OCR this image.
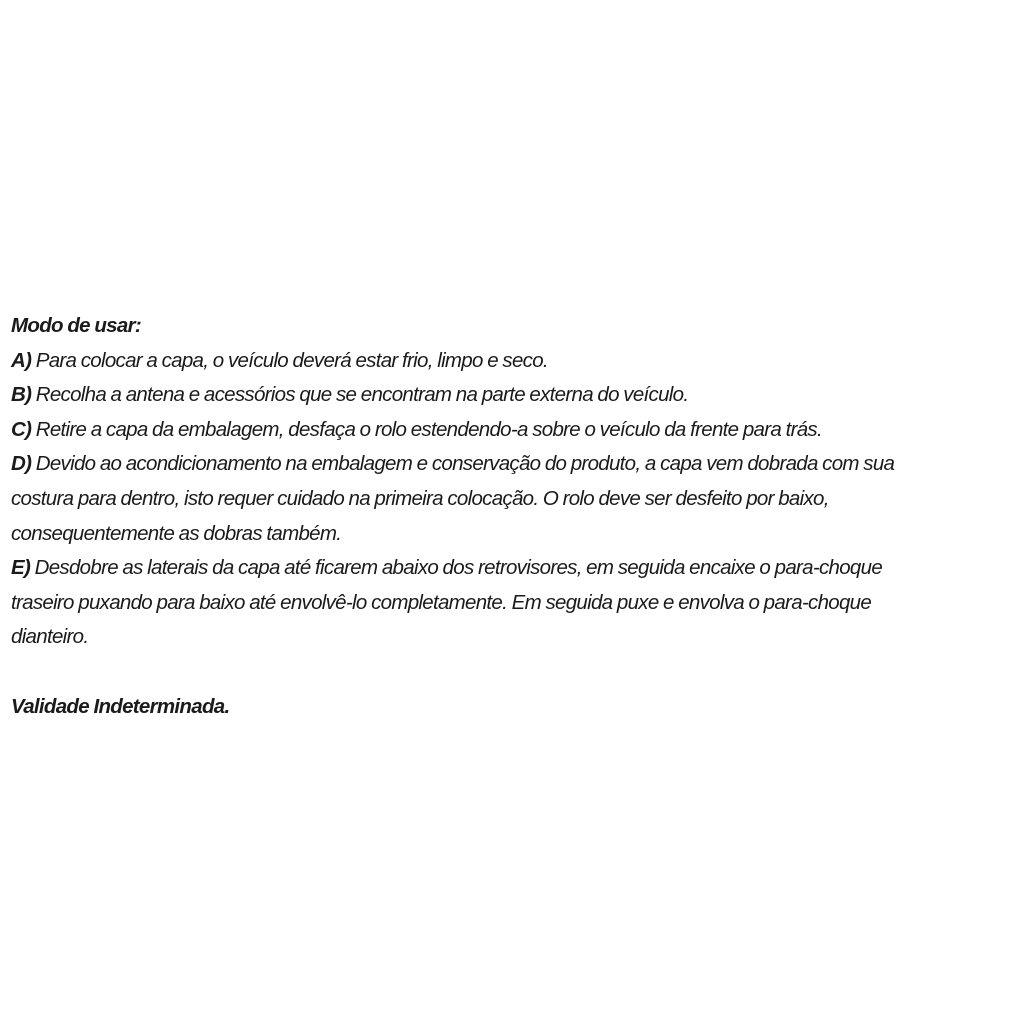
Modo de usar:
A) Para colocar a capa, o veículo deverá estar frio, limpo e seco.
B) Recolha a antena e acessórios que se encontram na parte externa do veículo.
C) Retire a capa da embalagem, desfaça o rolo estendendo-a sobre o veículo da frente para trás.
D) Devido ao acondicionamento na embalagem e conservação do produto, a capa vem dobrada com sua
costura para dentro, isto requer cuidado na primeira colocação. O rolo deve ser desfeito por baixo,
consequentemente as dobras também.
E) Desdobre as laterais da capa até ficarem abaixo dos retrovisores, em seguida encaixe o para-choque
traseiro puxando para baixo até envolvê-lo completamente. Em seguida puxe e envolva o para-choque
dianteiro.
Validade Indeterminada.
